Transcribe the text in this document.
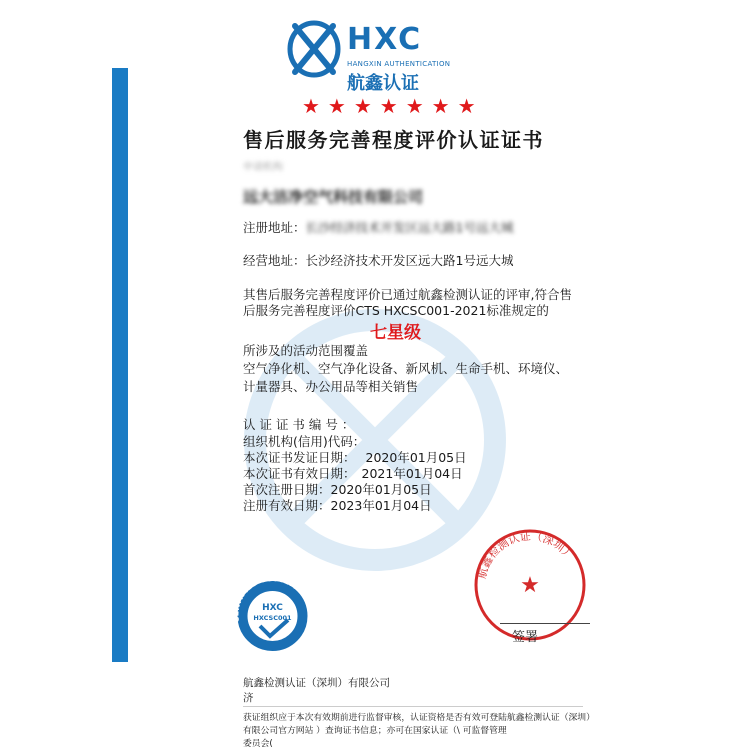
HXC
HANGXIN AUTHENTICATION
航鑫认证
★★★★★★★
售后服务完善程度评价认证证书
申请机构
远大洁净空气科技有限公司
注册地址：长沙经济技术开发区远大路1号远大城
经营地址：长沙经济技术开发区远大路1号远大城
其售后服务完善程度评价已通过航鑫检测认证的评审,符合售
后服务完善程度评价CTS HXCSC001-2021标准规定的
七星级
所涉及的活动范围覆盖
空气净化机、空气净化设备、新风机、生命手机、环境仪、
计量器具、办公用品等相关销售
认 证 证 书 编 号 ：
组织机构(信用)代码：
本次证书发证日期： 2020年01月05日
本次证书有效日期： 2021年01月04日
首次注册日期：2020年01月05日
注册有效日期：2023年01月04日
CERTIFIED SYSTEM
HXC
HXCSC001
航鑫检测认证（深圳）
★
签署
航鑫检测认证（深圳）有限公司
济
获证组织应于本次有效期前进行监督审核，认证资格是否有效可登陆航鑫检测认证（深圳）
有限公司官方网站 ）查询证书信息；亦可在国家认证（\ 可监督管理
委员会(
